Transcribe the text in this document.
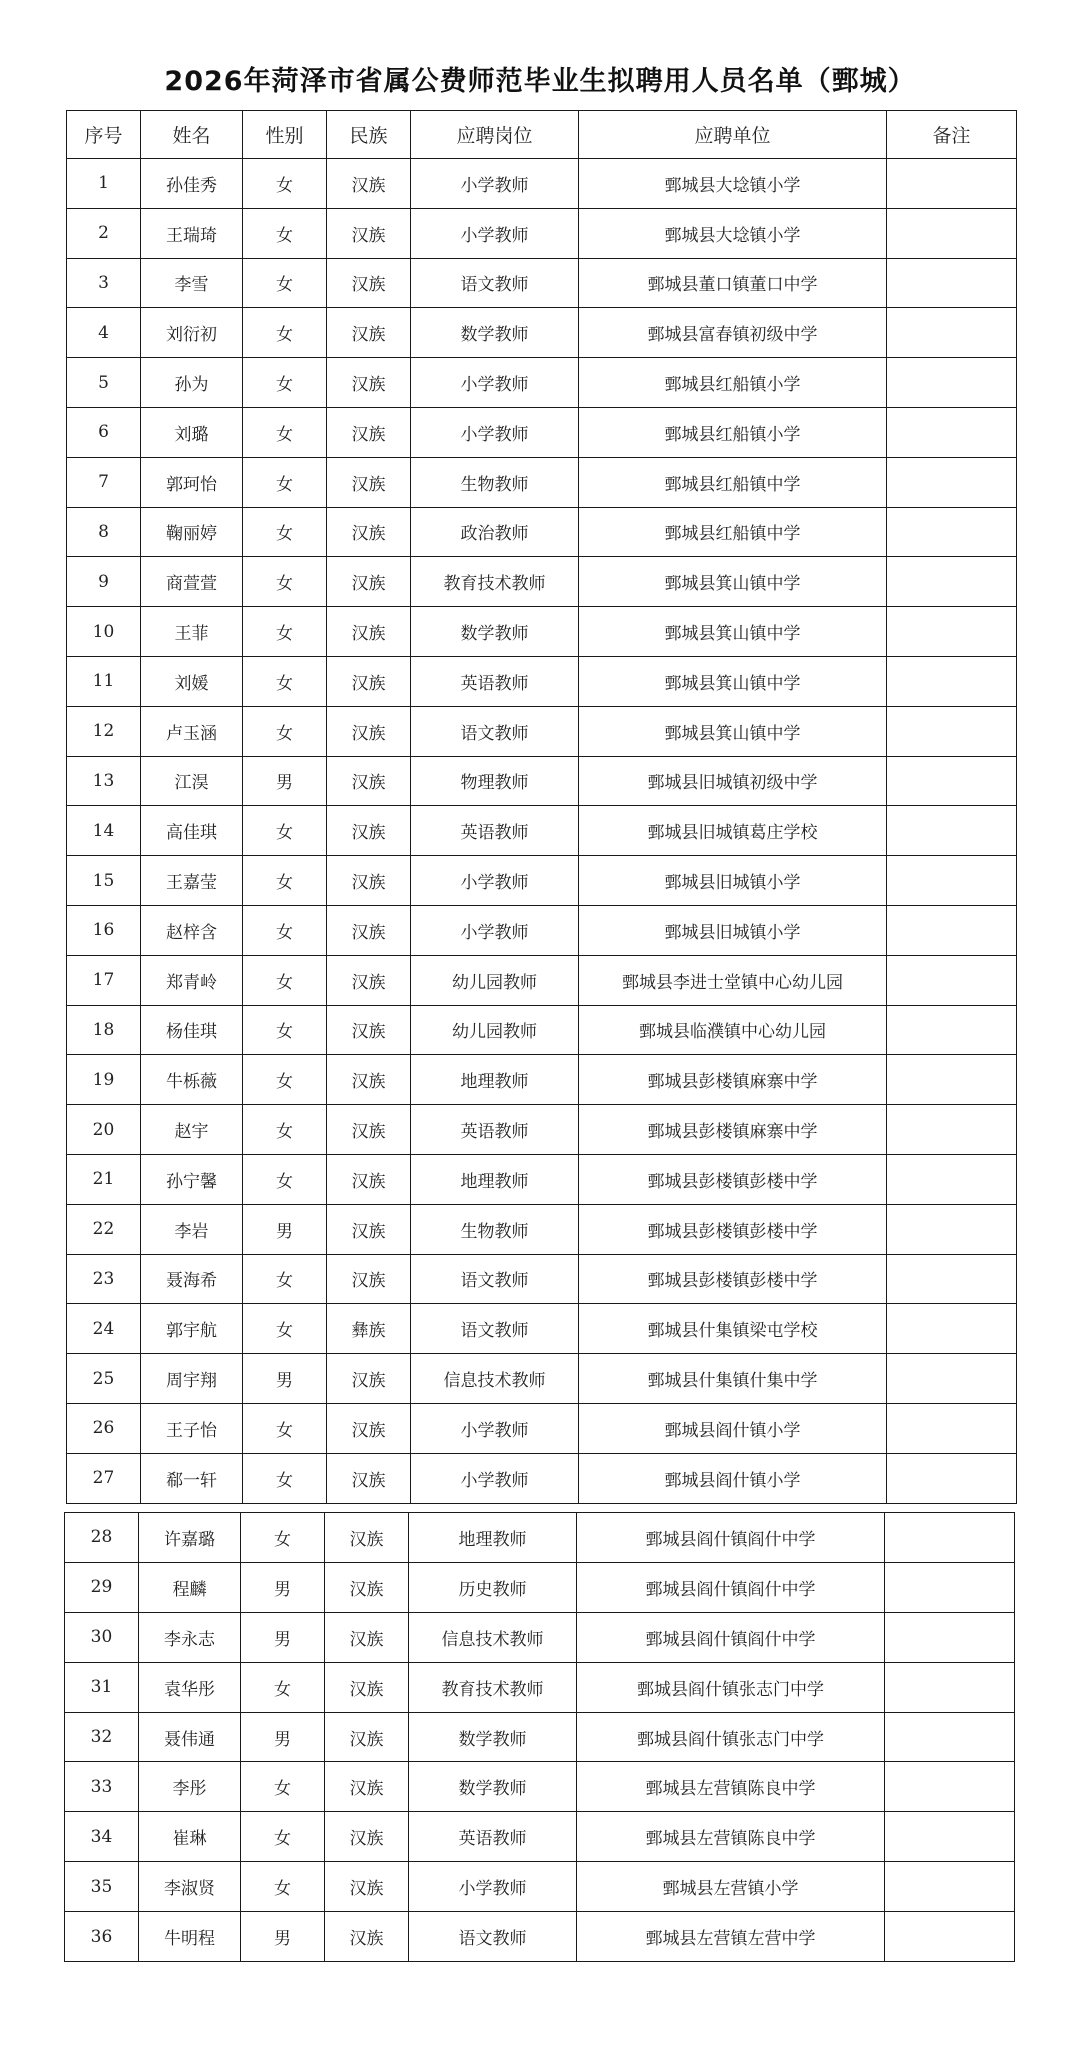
2026年菏泽市省属公费师范毕业生拟聘用人员名单（鄄城）
序号	姓名	性别	民族	应聘岗位	应聘单位	备注
1	孙佳秀	女	汉族	小学教师	鄄城县大埝镇小学	
2	王瑞琦	女	汉族	小学教师	鄄城县大埝镇小学	
3	李雪	女	汉族	语文教师	鄄城县董口镇董口中学	
4	刘衍初	女	汉族	数学教师	鄄城县富春镇初级中学	
5	孙为	女	汉族	小学教师	鄄城县红船镇小学	
6	刘璐	女	汉族	小学教师	鄄城县红船镇小学	
7	郭珂怡	女	汉族	生物教师	鄄城县红船镇中学	
8	鞠丽婷	女	汉族	政治教师	鄄城县红船镇中学	
9	商萱萱	女	汉族	教育技术教师	鄄城县箕山镇中学	
10	王菲	女	汉族	数学教师	鄄城县箕山镇中学	
11	刘媛	女	汉族	英语教师	鄄城县箕山镇中学	
12	卢玉涵	女	汉族	语文教师	鄄城县箕山镇中学	
13	江淏	男	汉族	物理教师	鄄城县旧城镇初级中学	
14	高佳琪	女	汉族	英语教师	鄄城县旧城镇葛庄学校	
15	王嘉莹	女	汉族	小学教师	鄄城县旧城镇小学	
16	赵梓含	女	汉族	小学教师	鄄城县旧城镇小学	
17	郑青岭	女	汉族	幼儿园教师	鄄城县李进士堂镇中心幼儿园	
18	杨佳琪	女	汉族	幼儿园教师	鄄城县临濮镇中心幼儿园	
19	牛栎薇	女	汉族	地理教师	鄄城县彭楼镇麻寨中学	
20	赵宇	女	汉族	英语教师	鄄城县彭楼镇麻寨中学	
21	孙宁馨	女	汉族	地理教师	鄄城县彭楼镇彭楼中学	
22	李岩	男	汉族	生物教师	鄄城县彭楼镇彭楼中学	
23	聂海希	女	汉族	语文教师	鄄城县彭楼镇彭楼中学	
24	郭宇航	女	彝族	语文教师	鄄城县什集镇梁屯学校	
25	周宇翔	男	汉族	信息技术教师	鄄城县什集镇什集中学	
26	王子怡	女	汉族	小学教师	鄄城县阎什镇小学	
27	郗一轩	女	汉族	小学教师	鄄城县阎什镇小学	
28	许嘉璐	女	汉族	地理教师	鄄城县阎什镇阎什中学	
29	程麟	男	汉族	历史教师	鄄城县阎什镇阎什中学	
30	李永志	男	汉族	信息技术教师	鄄城县阎什镇阎什中学	
31	袁华彤	女	汉族	教育技术教师	鄄城县阎什镇张志门中学	
32	聂伟通	男	汉族	数学教师	鄄城县阎什镇张志门中学	
33	李彤	女	汉族	数学教师	鄄城县左营镇陈良中学	
34	崔琳	女	汉族	英语教师	鄄城县左营镇陈良中学	
35	李淑贤	女	汉族	小学教师	鄄城县左营镇小学	
36	牛明程	男	汉族	语文教师	鄄城县左营镇左营中学	
